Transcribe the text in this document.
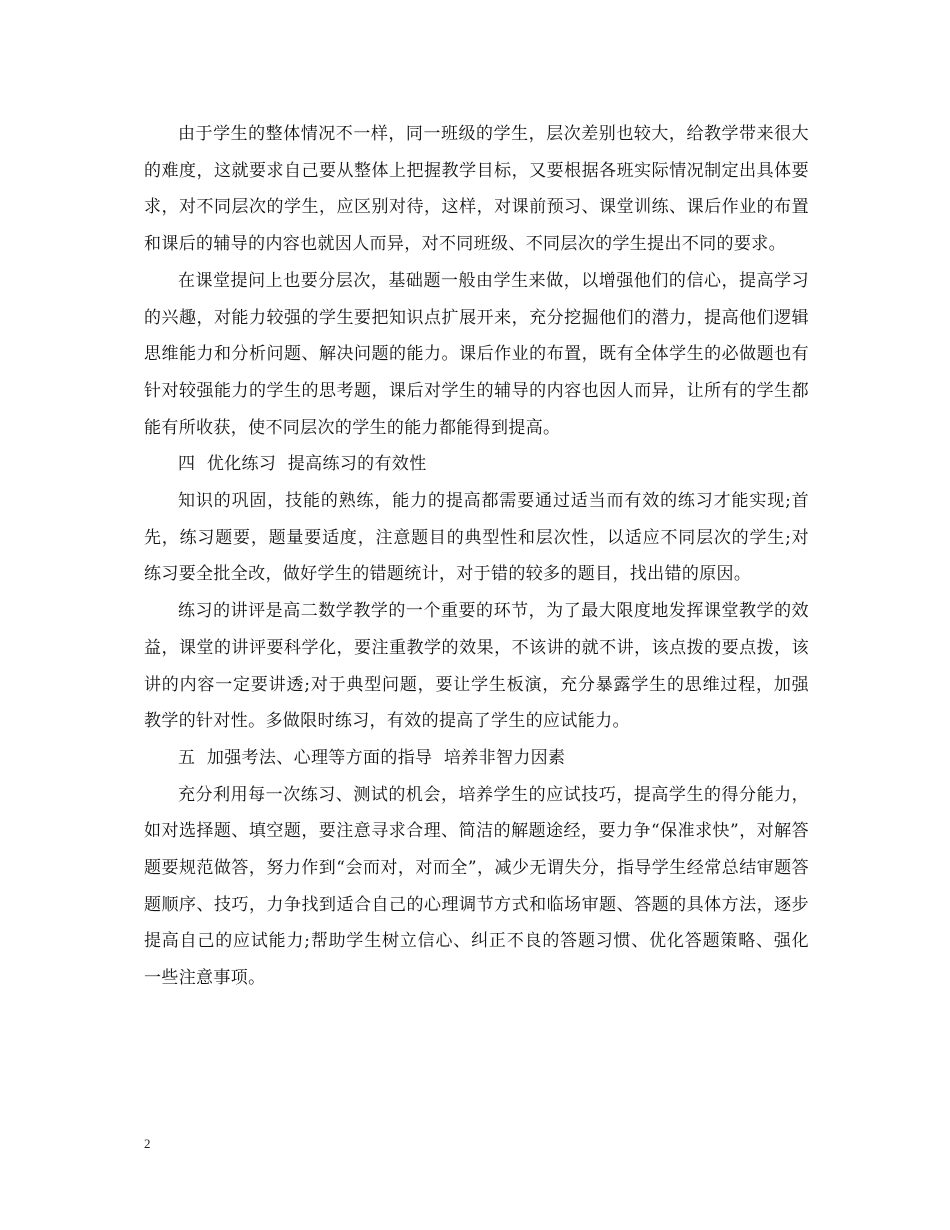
由于学生的整体情况不一样，同一班级的学生，层次差别也较大，给教学带来很大的难度，这就要求自己要从整体上把握教学目标，又要根据各班实际情况制定出具体要求，对不同层次的学生，应区别对待，这样，对课前预习、课堂训练、课后作业的布置和课后的辅导的内容也就因人而异，对不同班级、不同层次的学生提出不同的要求。

在课堂提问上也要分层次，基础题一般由学生来做，以增强他们的信心，提高学习的兴趣，对能力较强的学生要把知识点扩展开来，充分挖掘他们的潜力，提高他们逻辑思维能力和分析问题、解决问题的能力。课后作业的布置，既有全体学生的必做题也有针对较强能力的学生的思考题，课后对学生的辅导的内容也因人而异，让所有的学生都能有所收获，使不同层次的学生的能力都能得到提高。

四  优化练习  提高练习的有效性

知识的巩固，技能的熟练，能力的提高都需要通过适当而有效的练习才能实现;首先，练习题要，题量要适度，注意题目的典型性和层次性，以适应不同层次的学生;对练习要全批全改，做好学生的错题统计，对于错的较多的题目，找出错的原因。

练习的讲评是高二数学教学的一个重要的环节，为了最大限度地发挥课堂教学的效益，课堂的讲评要科学化，要注重教学的效果，不该讲的就不讲，该点拨的要点拨，该讲的内容一定要讲透;对于典型问题，要让学生板演，充分暴露学生的思维过程，加强教学的针对性。多做限时练习，有效的提高了学生的应试能力。

五  加强考法、心理等方面的指导  培养非智力因素

充分利用每一次练习、测试的机会，培养学生的应试技巧，提高学生的得分能力，如对选择题、填空题，要注意寻求合理、简洁的解题途经，要力争“保准求快”，对解答题要规范做答，努力作到“会而对，对而全”，减少无谓失分，指导学生经常总结审题答题顺序、技巧，力争找到适合自己的心理调节方式和临场审题、答题的具体方法，逐步提高自己的应试能力;帮助学生树立信心、纠正不良的答题习惯、优化答题策略、强化一些注意事项。

2
